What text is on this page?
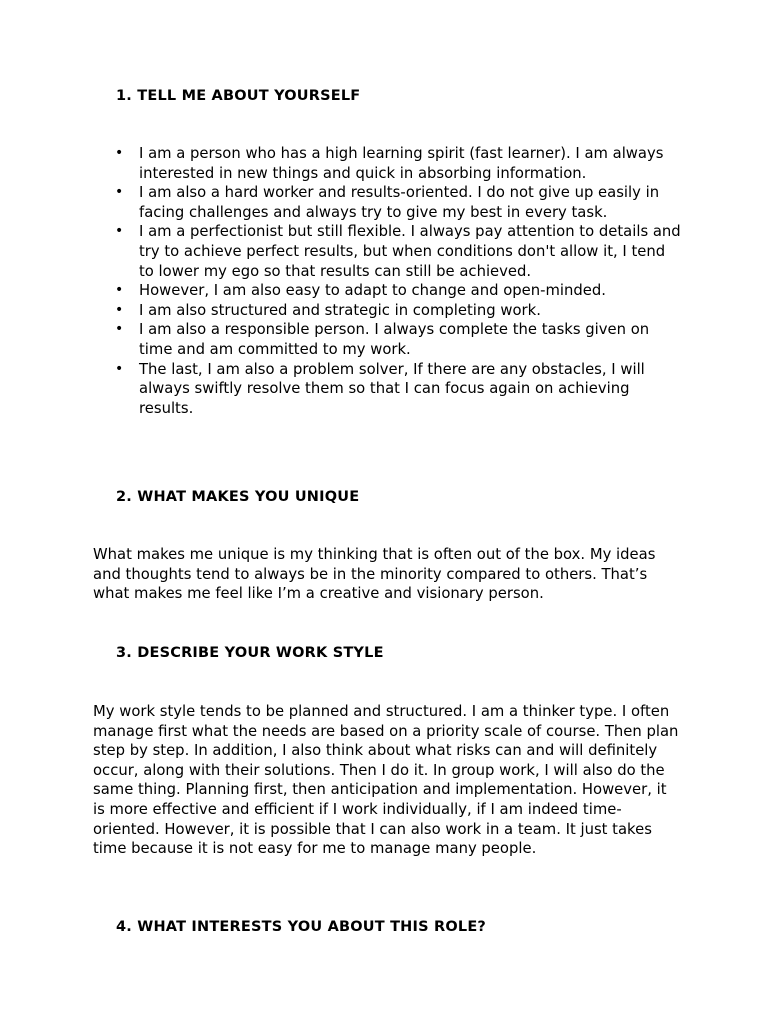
1. TELL ME ABOUT YOURSELF
• I am a person who has a high learning spirit (fast learner). I am always interested in new things and quick in absorbing information.
• I am also a hard worker and results-oriented. I do not give up easily in facing challenges and always try to give my best in every task.
• I am a perfectionist but still flexible. I always pay attention to details and try to achieve perfect results, but when conditions don't allow it, I tend to lower my ego so that results can still be achieved.
• However, I am also easy to adapt to change and open-minded.
• I am also structured and strategic in completing work.
• I am also a responsible person. I always complete the tasks given on time and am committed to my work.
• The last, I am also a problem solver, If there are any obstacles, I will always swiftly resolve them so that I can focus again on achieving results.
2. WHAT MAKES YOU UNIQUE

What makes me unique is my thinking that is often out of the box. My ideas and thoughts tend to always be in the minority compared to others. That’s what makes me feel like I’m a creative and visionary person.

3. DESCRIBE YOUR WORK STYLE

My work style tends to be planned and structured. I am a thinker type. I often manage first what the needs are based on a priority scale of course. Then plan step by step. In addition, I also think about what risks can and will definitely occur, along with their solutions. Then I do it. In group work, I will also do the same thing. Planning first, then anticipation and implementation. However, it is more effective and efficient if I work individually, if I am indeed time-oriented. However, it is possible that I can also work in a team. It just takes time because it is not easy for me to manage many people.

4. WHAT INTERESTS YOU ABOUT THIS ROLE?
